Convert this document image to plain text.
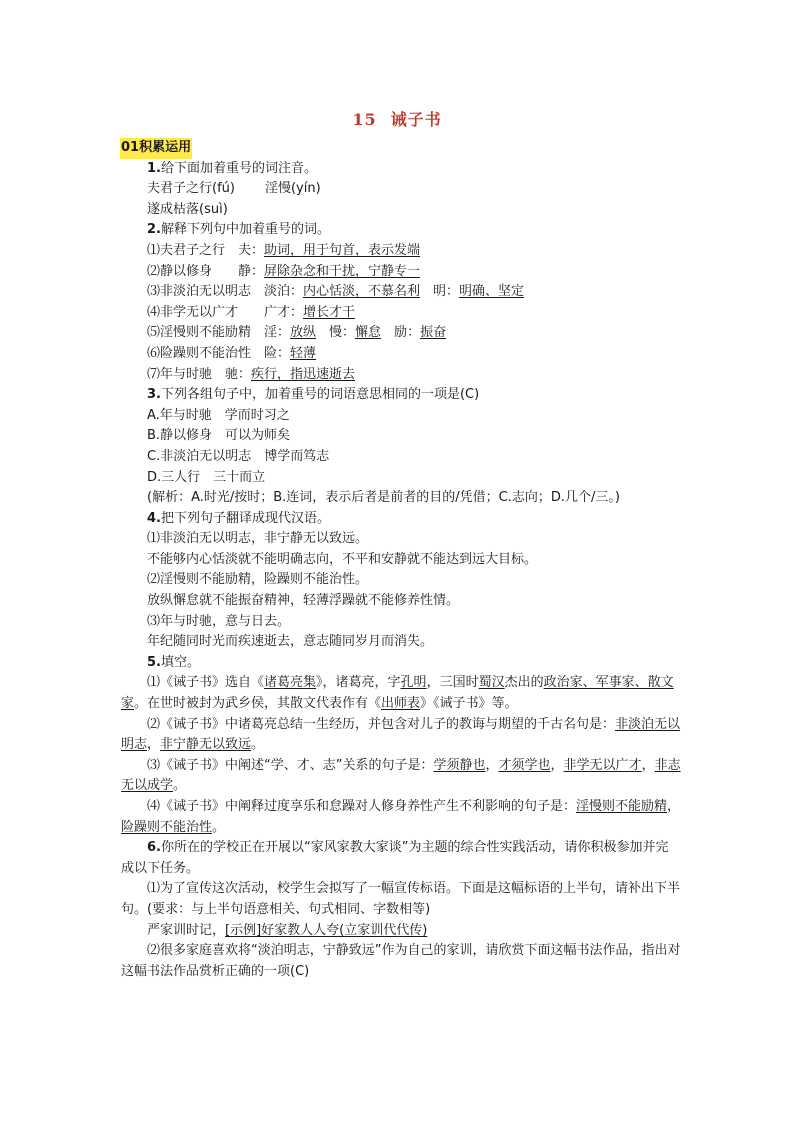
15 诫子书
01积累运用
1.给下面加着重号的词注音。
夫君子之行(fú) 淫慢(yín)
遂成枯落(suì)
2.解释下列句中加着重号的词。
⑴夫君子之行　夫：助词，用于句首，表示发端
⑵静以修身　　静：屏除杂念和干扰，宁静专一
⑶非淡泊无以明志　淡泊：内心恬淡，不慕名利　明：明确、坚定
⑷非学无以广才　　广才：增长才干
⑸淫慢则不能励精　淫：放纵　慢：懈怠　励：振奋
⑹险躁则不能治性　险：轻薄
⑺年与时驰　驰：疾行，指迅速逝去
3.下列各组句子中，加着重号的词语意思相同的一项是(C)
A.年与时驰　学而时习之
B.静以修身　可以为师矣
C.非淡泊无以明志　博学而笃志
D.三人行　三十而立
(解析：A.时光/按时；B.连词，表示后者是前者的目的/凭借；C.志向；D.几个/三。)
4.把下列句子翻译成现代汉语。
⑴非淡泊无以明志，非宁静无以致远。
不能够内心恬淡就不能明确志向，不平和安静就不能达到远大目标。
⑵淫慢则不能励精，险躁则不能治性。
放纵懈怠就不能振奋精神，轻薄浮躁就不能修养性情。
⑶年与时驰，意与日去。
年纪随同时光而疾速逝去，意志随同岁月而消失。
5.填空。
⑴《诫子书》选自《诸葛亮集》，诸葛亮，字孔明，三国时蜀汉杰出的政治家、军事家、散文家。在世时被封为武乡侯，其散文代表作有《出师表》《诫子书》等。
⑵《诫子书》中诸葛亮总结一生经历，并包含对儿子的教诲与期望的千古名句是：非淡泊无以明志，非宁静无以致远。
⑶《诫子书》中阐述“学、才、志”关系的句子是：学须静也，才须学也，非学无以广才，非志无以成学。
⑷《诫子书》中阐释过度享乐和怠躁对人修身养性产生不利影响的句子是：淫慢则不能励精，险躁则不能治性。
6.你所在的学校正在开展以“家风家教大家谈”为主题的综合性实践活动，请你积极参加并完成以下任务。
⑴为了宣传这次活动，校学生会拟写了一幅宣传标语。下面是这幅标语的上半句，请补出下半句。(要求：与上半句语意相关、句式相同、字数相等)
严家训时记，[示例]好家教人人夸(立家训代代传)
⑵很多家庭喜欢将“淡泊明志，宁静致远”作为自己的家训，请欣赏下面这幅书法作品，指出对这幅书法作品赏析正确的一项(C)
